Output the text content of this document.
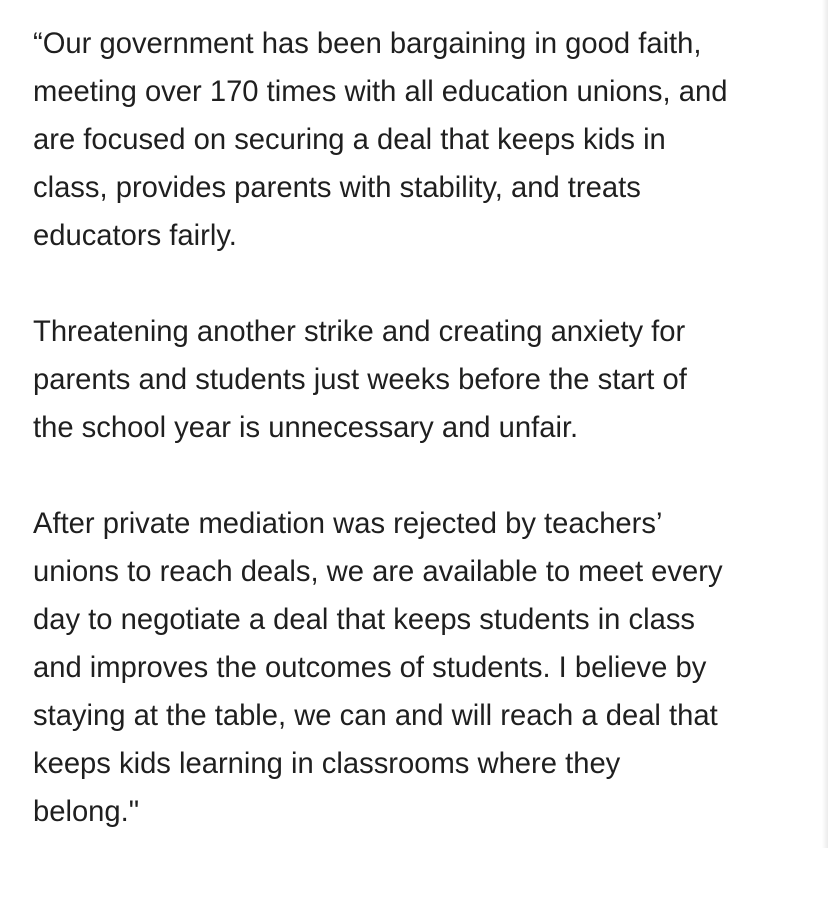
“Our government has been bargaining in good faith,
meeting over 170 times with all education unions, and
are focused on securing a deal that keeps kids in
class, provides parents with stability, and treats
educators fairly.

Threatening another strike and creating anxiety for
parents and students just weeks before the start of
the school year is unnecessary and unfair.

After private mediation was rejected by teachers’
unions to reach deals, we are available to meet every
day to negotiate a deal that keeps students in class
and improves the outcomes of students. I believe by
staying at the table, we can and will reach a deal that
keeps kids learning in classrooms where they
belong."
